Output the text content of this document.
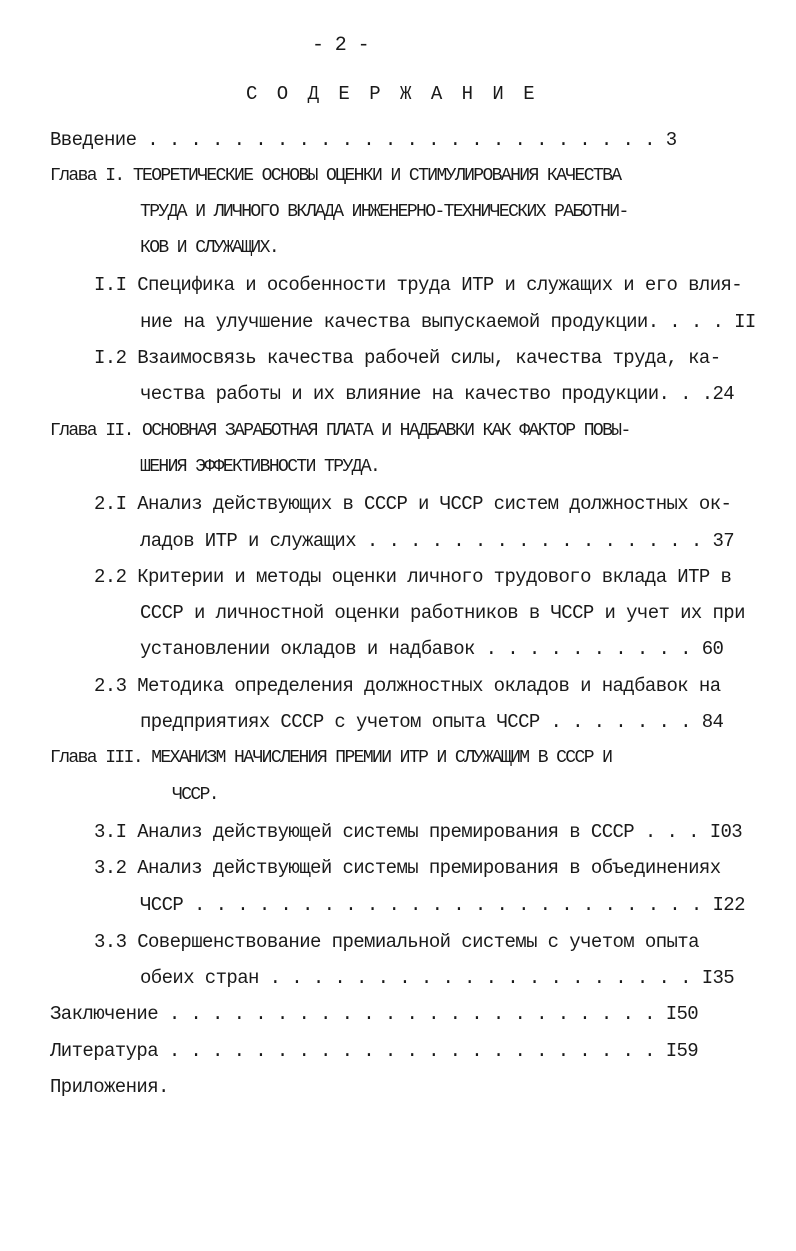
- 2 -
С О Д Е Р Ж А Н И Е
Введение . . . . . . . . . . . . . . . . . . . . . . . . 3
Глава I. ТЕОРЕТИЧЕСКИЕ ОСНОВЫ ОЦЕНКИ И СТИМУЛИРОВАНИЯ КАЧЕСТВА
ТРУДА И ЛИЧНОГО ВКЛАДА ИНЖЕНЕРНО-ТЕХНИЧЕСКИХ РАБОТНИ-
КОВ И СЛУЖАЩИХ.
I.I Специфика и особенности труда ИТР и служащих и его влия-
ние на улучшение качества выпускаемой продукции. . . . II
I.2 Взаимосвязь качества рабочей силы, качества труда, ка-
чества работы и их влияние на качество продукции. . .24
Глава II. ОСНОВНАЯ ЗАРАБОТНАЯ ПЛАТА И НАДБАВКИ КАК ФАКТОР ПОВЫ-
ШЕНИЯ ЭФФЕКТИВНОСТИ ТРУДА.
2.I Анализ действующих в СССР и ЧССР систем должностных ок-
ладов ИТР и служащих . . . . . . . . . . . . . . . . 37
2.2 Критерии и методы оценки личного трудового вклада ИТР в
СССР и личностной оценки работников в ЧССР и учет их при
установлении окладов и надбавок . . . . . . . . . . 60
2.3 Методика определения должностных окладов и надбавок на
предприятиях СССР с учетом опыта ЧССР . . . . . . . 84
Глава III. МЕХАНИЗМ НАЧИСЛЕНИЯ ПРЕМИИ ИТР И СЛУЖАЩИМ В СССР И
ЧССР.
3.I Анализ действующей системы премирования в СССР . . . I03
3.2 Анализ действующей системы премирования в объединениях
ЧССР . . . . . . . . . . . . . . . . . . . . . . . . I22
3.3 Совершенствование премиальной системы с учетом опыта
обеих стран . . . . . . . . . . . . . . . . . . . . I35
Заключение . . . . . . . . . . . . . . . . . . . . . . . I50
Литература . . . . . . . . . . . . . . . . . . . . . . . I59
Приложения.
